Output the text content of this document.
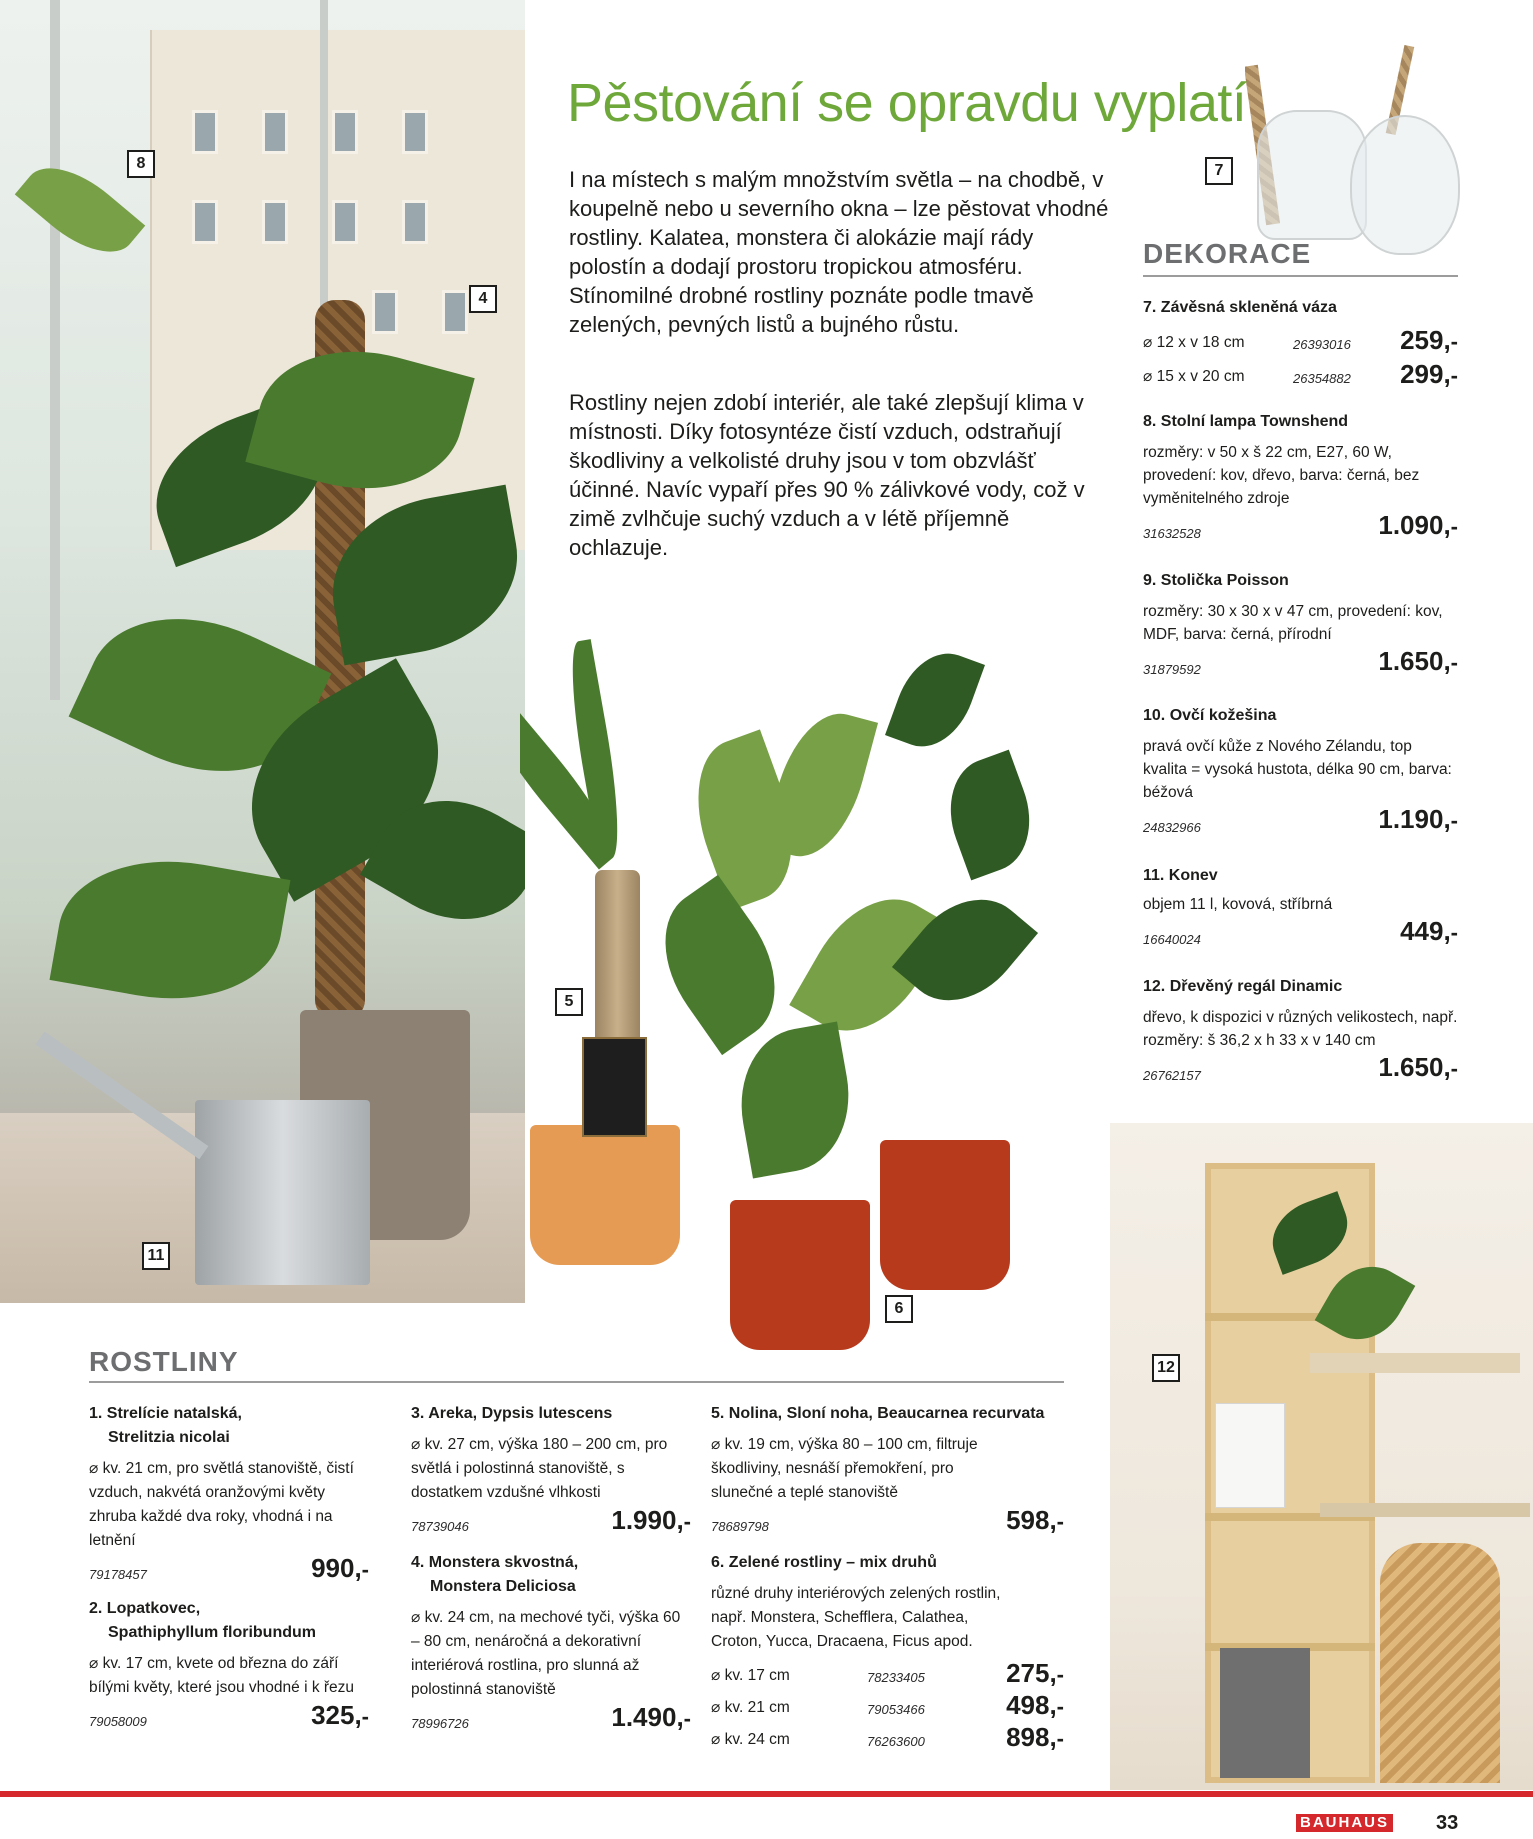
8
4
5
6
7
11
12
Pěstování se opravdu vyplatí

I na místech s malým množstvím světla – na chodbě, v koupelně nebo u severního okna – lze pěstovat vhodné rostliny. Kalatea, monstera či alokázie mají rády polostín a dodají prostoru tropickou atmosféru. Stínomilné drobné rostliny poznáte podle tmavě zelených, pevných listů a bujného růstu.

Rostliny nejen zdobí interiér, ale také zlepšují klima v místnosti. Díky fotosyntéze čistí vzduch, odstraňují škodliviny a velkolisté druhy jsou v tom obzvlášť účinné. Navíc vypaří přes 90 % zálivkové vody, což v zimě zvlhčuje suchý vzduch a v létě příjemně ochlazuje.

DEKORACE
7. Závěsná skleněná váza
⌀ 12 x v 18 cm	26393016 259,-
⌀ 15 x v 20 cm	26354882 299,-
8. Stolní lampa Townshend
rozměry: v 50 x š 22 cm, E27, 60 W, provedení: kov, dřevo, barva: černá, bez vyměnitelného zdroje
31632528	1.090,-
9. Stolička Poisson
rozměry: 30 x 30 x v 47 cm, provedení: kov, MDF, barva: černá, přírodní
31879592	1.650,-
10. Ovčí kožešina
pravá ovčí kůže z Nového Zélandu, top kvalita = vysoká hustota, délka 90 cm, barva: béžová
24832966	1.190,-
11. Konev
objem 11 l, kovová, stříbrná
16640024	449,-
12. Dřevěný regál Dinamic
dřevo, k dispozici v různých velikostech, např. rozměry: š 36,2 x h 33 x v 140 cm
26762157	1.650,-
ROSTLINY
1. Strelície natalská,
Strelitzia nicolai
⌀ kv. 21 cm, pro světlá stanoviště, čistí vzduch, nakvétá oranžovými květy zhruba každé dva roky, vhodná i na letnění
79178457	990,-
2. Lopatkovec,
Spathiphyllum floribundum
⌀ kv. 17 cm, kvete od března do září bílými květy, které jsou vhodné i k řezu
79058009	325,-
3. Areka, Dypsis lutescens
⌀ kv. 27 cm, výška 180 – 200 cm, pro světlá i polostinná stanoviště, s dostatkem vzdušné vlhkosti
78739046	1.990,-
4. Monstera skvostná,
Monstera Deliciosa
⌀ kv. 24 cm, na mechové tyči, výška 60 – 80 cm, nenáročná a dekorativní interiérová rostlina, pro slunná až polostinná stanoviště
78996726	1.490,-
5. Nolina, Sloní noha, Beaucarnea recurvata
⌀ kv. 19 cm, výška 80 – 100 cm, filtruje škodliviny, nesnáší přemokření, pro slunečné a teplé stanoviště
78689798	598,-
6. Zelené rostliny – mix druhů
různé druhy interiérových zelených rostlin, např. Monstera, Schefflera, Calathea, Croton, Yucca, Dracaena, Ficus apod.
⌀ kv. 17 cm	78233405	275,-
⌀ kv. 21 cm	79053466	498,-
⌀ kv. 24 cm	76263600	898,-
BAUHAUS 33
